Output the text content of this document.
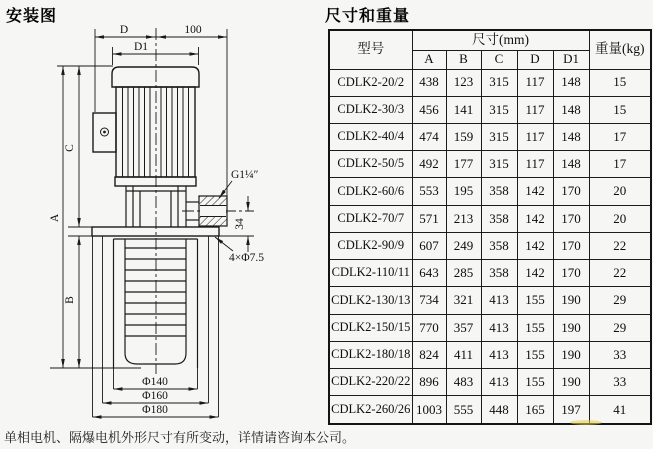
安装图	尺寸和重量
D	100
D1
A
C
B
G1¼″
34
4×Φ7.5
Φ140
Φ160
Φ180
型号	尺寸(mm)					重量(kg)
	A	B	C	D	D1	
CDLK2-20/2	438	123	315	117	148	15
CDLK2-30/3	456	141	315	117	148	15
CDLK2-40/4	474	159	315	117	148	17
CDLK2-50/5	492	177	315	117	148	17
CDLK2-60/6	553	195	358	142	170	20
CDLK2-70/7	571	213	358	142	170	20
CDLK2-90/9	607	249	358	142	170	22
CDLK2-110/11	643	285	358	142	170	22
CDLK2-130/13	734	321	413	155	190	29
CDLK2-150/15	770	357	413	155	190	29
CDLK2-180/18	824	411	413	155	190	33
CDLK2-220/22	896	483	413	155	190	33
CDLK2-260/26	1003	555	448	165	197	41
单相电机、隔爆电机外形尺寸有所变动，详情请咨询本公司。
